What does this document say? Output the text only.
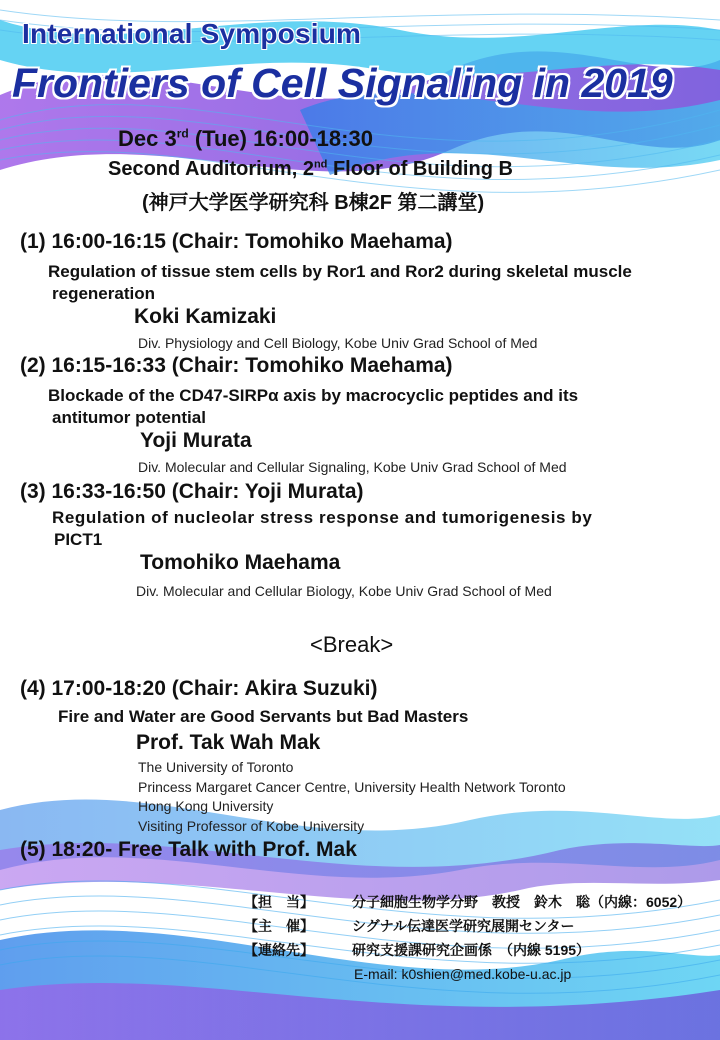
International Symposium
Frontiers of Cell Signaling in 2019
Dec 3rd (Tue) 16:00-18:30
Second Auditorium, 2nd Floor of Building B
(神戸大学医学研究科 B棟2F 第二講堂)
(1) 16:00-16:15 (Chair: Tomohiko Maehama)
Regulation of tissue stem cells by Ror1 and Ror2 during skeletal muscle
regeneration
Koki Kamizaki
Div. Physiology and Cell Biology, Kobe Univ Grad School of Med
(2) 16:15-16:33 (Chair: Tomohiko Maehama)
Blockade of the CD47-SIRPα axis by macrocyclic peptides and its
antitumor potential
Yoji Murata
Div. Molecular and Cellular Signaling, Kobe Univ Grad School of Med
(3) 16:33-16:50 (Chair: Yoji Murata)
Regulation of nucleolar stress response and tumorigenesis by
PICT1
Tomohiko Maehama
Div. Molecular and Cellular Biology, Kobe Univ Grad School of Med
<Break>
(4) 17:00-18:20 (Chair: Akira Suzuki)
Fire and Water are Good Servants but Bad Masters
Prof. Tak Wah Mak
The University of Toronto
Princess Margaret Cancer Centre, University Health Network Toronto
Hong Kong University
Visiting Professor of Kobe University
(5) 18:20- Free Talk with Prof. Mak
【担　当】	分子細胞生物学分野　教授　鈴木　聡（内線：6052）
【主　催】	シグナル伝達医学研究展開センター
【連絡先】	研究支援課研究企画係　（内線 5195）
E-mail: k0shien@med.kobe-u.ac.jp
